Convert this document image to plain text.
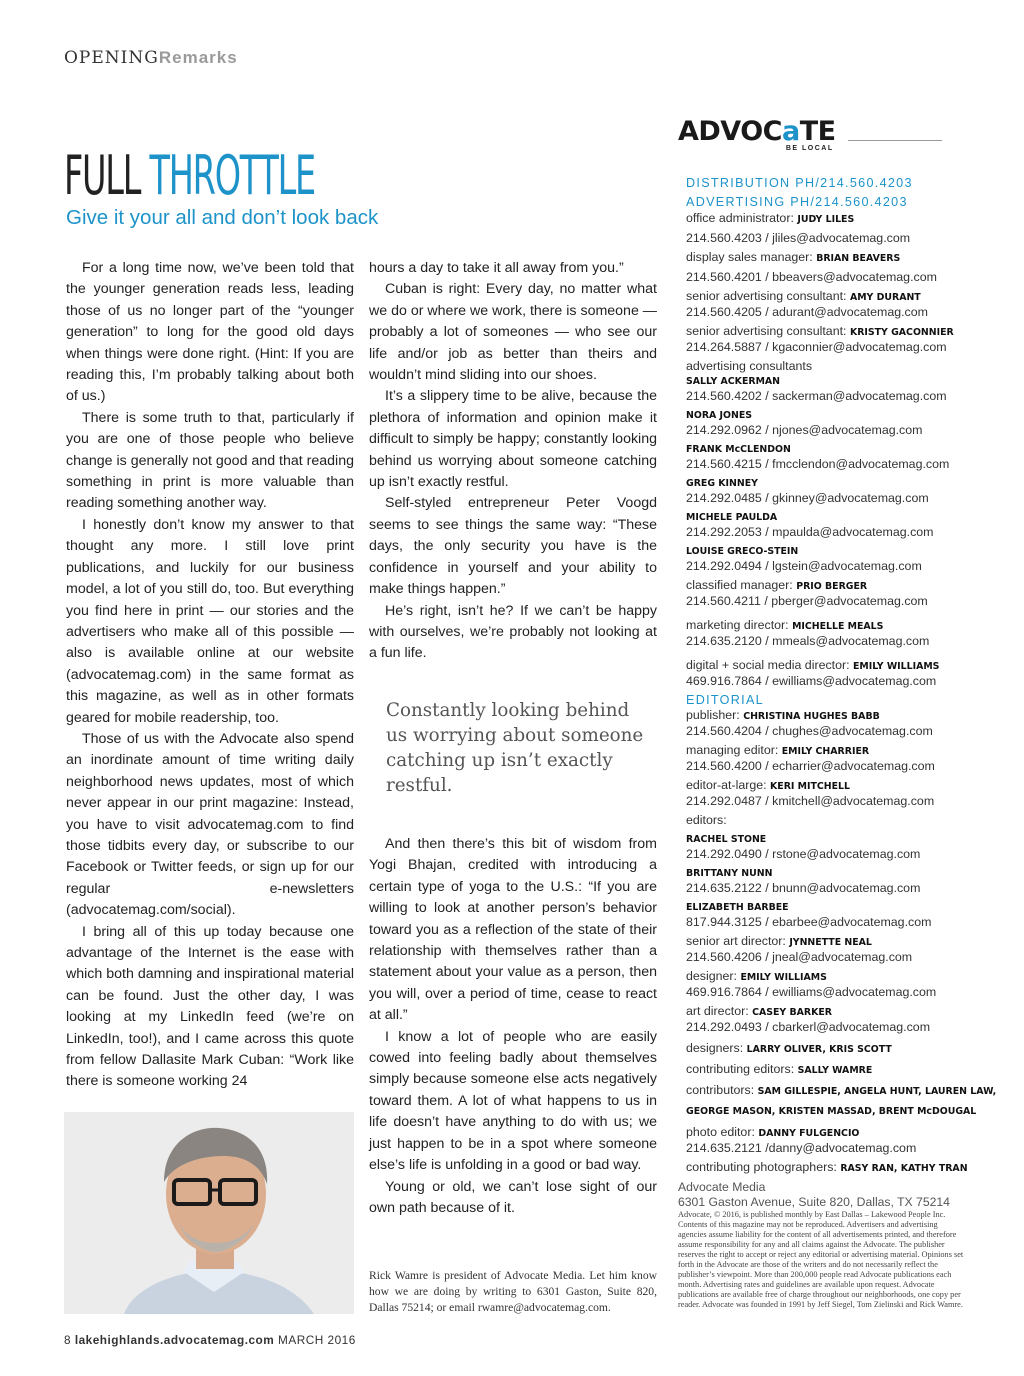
OPENINGRemarks
FULL THROTTLE
Give it your all and don’t look back

For a long time now, we’ve been told that the younger generation reads less, leading those of us no longer part of the “younger generation” to long for the good old days when things were done right. (Hint: If you are reading this, I’m probably talking about both of us.)

There is some truth to that, particularly if you are one of those people who believe change is generally not good and that reading something in print is more valuable than reading something another way.

I honestly don’t know my answer to that thought any more. I still love print publications, and luckily for our business model, a lot of you still do, too. But everything you find here in print — our stories and the advertisers who make all of this possible — also is available online at our website (advocatemag.com) in the same format as this magazine, as well as in other formats geared for mobile readership, too.

Those of us with the Advocate also spend an inordinate amount of time writing daily neighborhood news updates, most of which never appear in our print magazine: Instead, you have to visit advocatemag.com to find those tidbits every day, or subscribe to our Facebook or Twitter feeds, or sign up for our regular e-newsletters (advocatemag.com/social).

I bring all of this up today because one advantage of the Internet is the ease with which both damning and inspirational material can be found. Just the other day, I was looking at my LinkedIn feed (we’re on LinkedIn, too!), and I came across this quote from fellow Dallasite Mark Cuban: “Work like there is someone working 24

hours a day to take it all away from you.”

Cuban is right: Every day, no matter what we do or where we work, there is someone — probably a lot of someones — who see our life and/or job as better than theirs and wouldn’t mind sliding into our shoes.

It’s a slippery time to be alive, because the plethora of information and opinion make it difficult to simply be happy; constantly looking behind us worrying about someone catching up isn’t exactly restful.

Self-styled entrepreneur Peter Voogd seems to see things the same way: “These days, the only security you have is the confidence in yourself and your ability to make things happen.”

He’s right, isn’t he? If we can’t be happy with ourselves, we’re probably not looking at a fun life.

Constantly looking behind us worrying about someone catching up isn’t exactly restful.

And then there’s this bit of wisdom from Yogi Bhajan, credited with introducing a certain type of yoga to the U.S.: “If you are willing to look at another person’s behavior toward you as a reflection of the state of their relationship with themselves rather than a statement about your value as a person, then you will, over a period of time, cease to react at all.”

I know a lot of people who are easily cowed into feeling badly about themselves simply because someone else acts negatively toward them. A lot of what happens to us in life doesn’t have anything to do with us; we just happen to be in a spot where someone else’s life is unfolding in a good or bad way.

Young or old, we can’t lose sight of our own path because of it.

Rick Wamre is president of Advocate Media. Let him know how we are doing by writing to 6301 Gaston, Suite 820, Dallas 75214; or email rwamre@advocatemag.com.
8 lakehighlands.advocatemag.com MARCH 2016
ADVOCaTE
BE LOCAL
DISTRIBUTION PH/214.560.4203
ADVERTISING PH/214.560.4203
office administrator: JUDY LILES
214.560.4203 / jliles@advocatemag.com
display sales manager: BRIAN BEAVERS
214.560.4201 / bbeavers@advocatemag.com
senior advertising consultant: AMY DURANT
214.560.4205 / adurant@advocatemag.com
senior advertising consultant: KRISTY GACONNIER
214.264.5887 / kgaconnier@advocatemag.com
advertising consultants
SALLY ACKERMAN
214.560.4202 / sackerman@advocatemag.com
NORA JONES
214.292.0962 / njones@advocatemag.com
FRANK McCLENDON
214.560.4215 / fmcclendon@advocatemag.com
GREG KINNEY
214.292.0485 / gkinney@advocatemag.com
MICHELE PAULDA
214.292.2053 / mpaulda@advocatemag.com
LOUISE GRECO-STEIN
214.292.0494 / lgstein@advocatemag.com
classified manager: PRIO BERGER
214.560.4211 / pberger@advocatemag.com
marketing director: MICHELLE MEALS
214.635.2120 / mmeals@advocatemag.com
digital + social media director: EMILY WILLIAMS
469.916.7864 / ewilliams@advocatemag.com
EDITORIAL
publisher: CHRISTINA HUGHES BABB
214.560.4204 / chughes@advocatemag.com
managing editor: EMILY CHARRIER
214.560.4200 / echarrier@advocatemag.com
editor-at-large: KERI MITCHELL
214.292.0487 / kmitchell@advocatemag.com
editors:
RACHEL STONE
214.292.0490 / rstone@advocatemag.com
BRITTANY NUNN
214.635.2122 / bnunn@advocatemag.com
ELIZABETH BARBEE
817.944.3125 / ebarbee@advocatemag.com
senior art director: JYNNETTE NEAL
214.560.4206 / jneal@advocatemag.com
designer: EMILY WILLIAMS
469.916.7864 / ewilliams@advocatemag.com
art director: CASEY BARKER
214.292.0493 / cbarkerl@advocatemag.com
designers: LARRY OLIVER, KRIS SCOTT
contributing editors: SALLY WAMRE
contributors: SAM GILLESPIE, ANGELA HUNT, LAUREN LAW,
GEORGE MASON, KRISTEN MASSAD, BRENT McDOUGAL
photo editor: DANNY FULGENCIO
214.635.2121 /danny@advocatemag.com
contributing photographers: RASY RAN, KATHY TRAN
Advocate Media
6301 Gaston Avenue, Suite 820, Dallas, TX 75214
Advocate, © 2016, is published monthly by East Dallas – Lakewood People Inc. Contents of this magazine may not be reproduced. Advertisers and advertising agencies assume liability for the content of all advertisements printed, and therefore assume responsibility for any and all claims against the Advocate. The publisher reserves the right to accept or reject any editorial or advertising material. Opinions set forth in the Advocate are those of the writers and do not necessarily reflect the publisher’s viewpoint. More than 200,000 people read Advocate publications each month. Advertising rates and guidelines are available upon request. Advocate publications are available free of charge throughout our neighborhoods, one copy per reader. Advocate was founded in 1991 by Jeff Siegel, Tom Zielinski and Rick Wamre.
